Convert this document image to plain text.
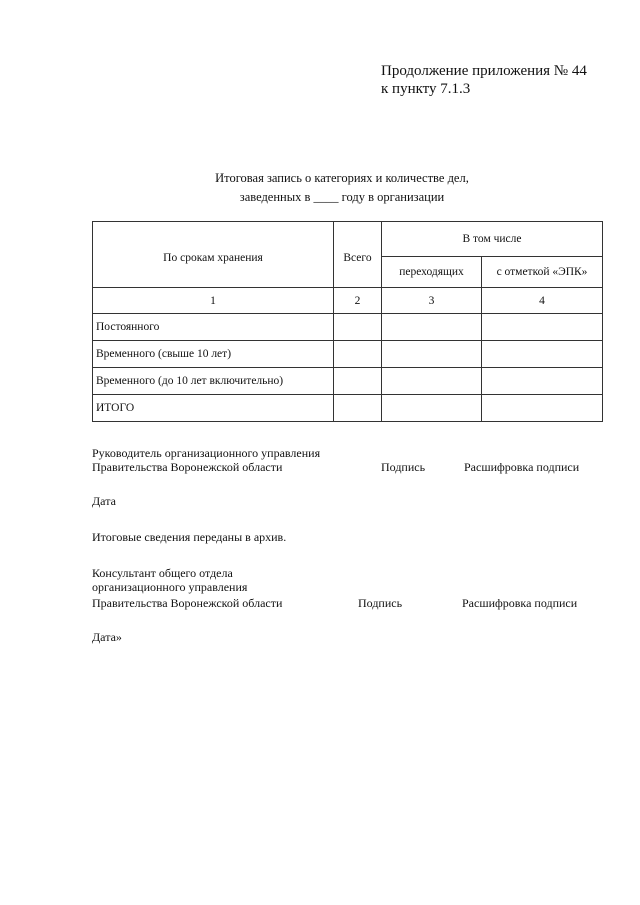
Продолжение приложения № 44
к пункту 7.1.3
Итоговая запись о категориях и количестве дел,
заведенных в ____ году в организации
По срокам хранения	Всего	В том числе	
		переходящих	с отметкой «ЭПК»
1	2	3	4
Постоянного			
Временного (свыше 10 лет)			
Временного (до 10 лет включительно)			
ИТОГО			
Руководитель организационного управления
Правительства Воронежской области	Подпись	Расшифровка подписи
Дата
Итоговые сведения переданы в архив.
Консультант общего отдела
организационного управления
Правительства Воронежской области	Подпись	Расшифровка подписи
Дата»
